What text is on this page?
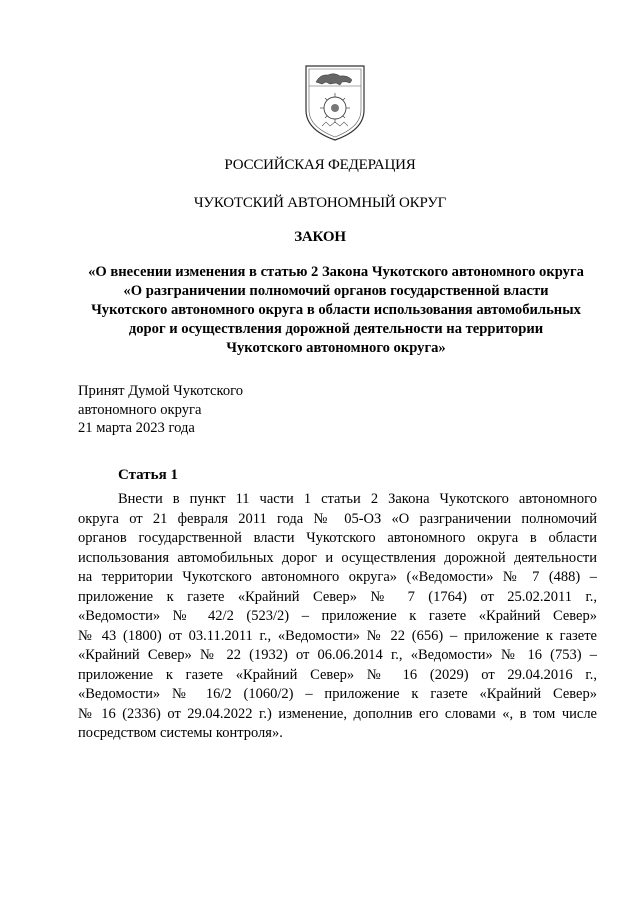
РОССИЙСКАЯ ФЕДЕРАЦИЯ
ЧУКОТСКИЙ АВТОНОМНЫЙ ОКРУГ
ЗАКОН
«О внесении изменения в статью 2 Закона Чукотского автономного округа
«О разграничении полномочий органов государственной власти
Чукотского автономного округа в области использования автомобильных
дорог и осуществления дорожной деятельности на территории
Чукотского автономного округа»
Принят Думой Чукотского
автономного округа
21 марта 2023 года
Статья 1
Внести в пункт 11 части 1 статьи 2 Закона Чукотского автономного
округа от 21 февраля 2011 года № 05-ОЗ «О разграничении полномочий
органов государственной власти Чукотского автономного округа в области
использования автомобильных дорог и осуществления дорожной деятельности
на территории Чукотского автономного округа» («Ведомости» № 7 (488) –
приложение к газете «Крайний Север» № 7 (1764) от 25.02.2011 г.,
«Ведомости» № 42/2 (523/2) – приложение к газете «Крайний Север»
№ 43 (1800) от 03.11.2011 г., «Ведомости» № 22 (656) – приложение к газете
«Крайний Север» № 22 (1932) от 06.06.2014 г., «Ведомости» № 16 (753) –
приложение к газете «Крайний Север» № 16 (2029) от 29.04.2016 г.,
«Ведомости» № 16/2 (1060/2) – приложение к газете «Крайний Север»
№ 16 (2336) от 29.04.2022 г.) изменение, дополнив его словами «, в том числе
посредством системы контроля».
